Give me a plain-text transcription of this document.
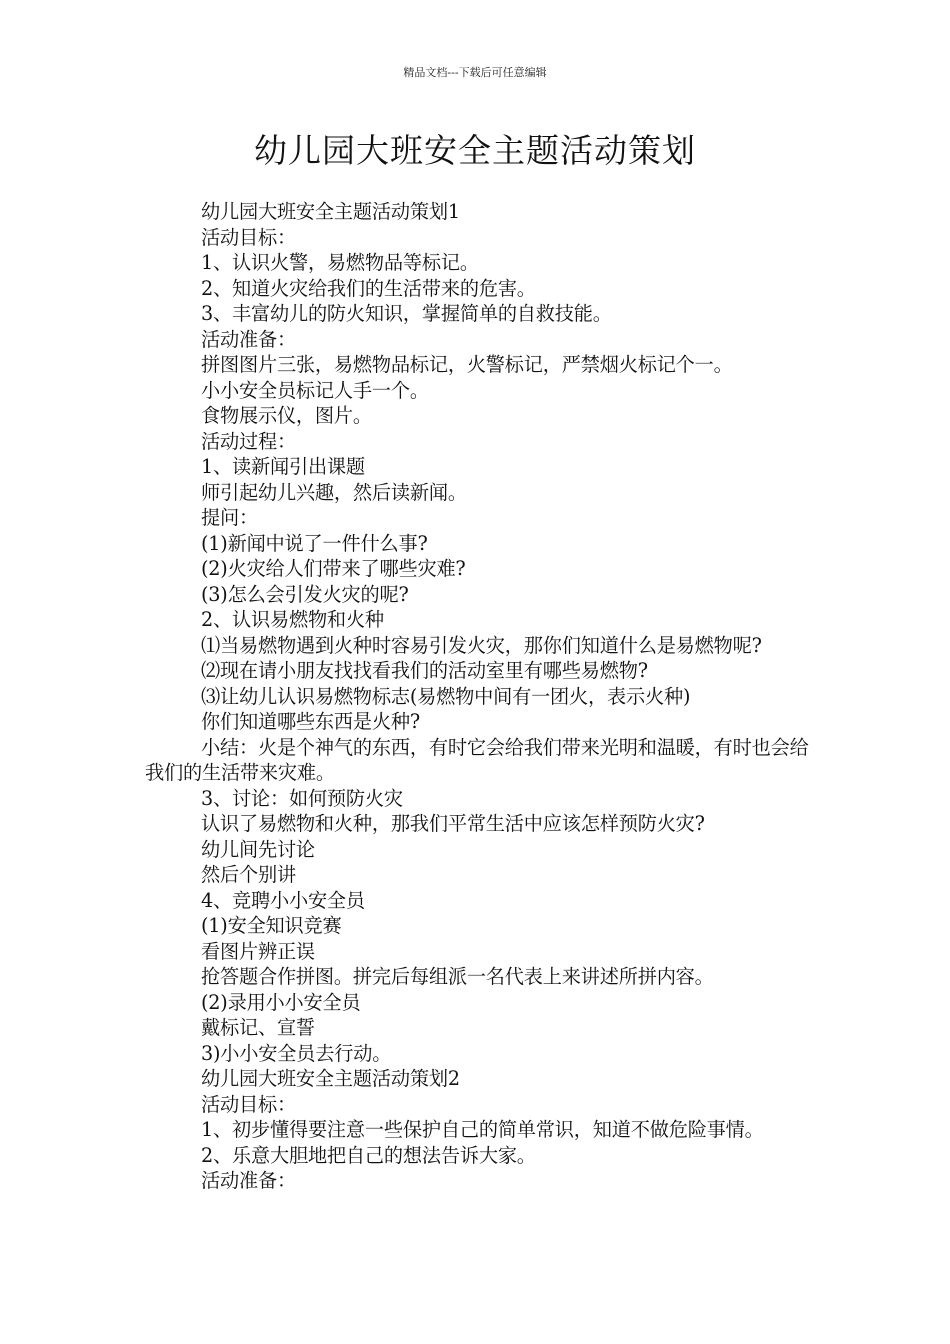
精品文档---下载后可任意编辑
幼儿园大班安全主题活动策划

幼儿园大班安全主题活动策划1

活动目标：

1、认识火警，易燃物品等标记。

2、知道火灾给我们的生活带来的危害。

3、丰富幼儿的防火知识，掌握简单的自救技能。

活动准备：

拼图图片三张，易燃物品标记，火警标记，严禁烟火标记个一。

小小安全员标记人手一个。

食物展示仪，图片。

活动过程：

1、读新闻引出课题

师引起幼儿兴趣，然后读新闻。

提问：

(1)新闻中说了一件什么事?

(2)火灾给人们带来了哪些灾难?

(3)怎么会引发火灾的呢?

2、认识易燃物和火种

⑴当易燃物遇到火种时容易引发火灾，那你们知道什么是易燃物呢?

⑵现在请小朋友找找看我们的活动室里有哪些易燃物?

⑶让幼儿认识易燃物标志(易燃物中间有一团火，表示火种)

你们知道哪些东西是火种?

小结：火是个神气的东西，有时它会给我们带来光明和温暖，有时也会给我们的生活带来灾难。

3、讨论：如何预防火灾

认识了易燃物和火种，那我们平常生活中应该怎样预防火灾?

幼儿间先讨论

然后个别讲

4、竞聘小小安全员

(1)安全知识竞赛

看图片辨正误

抢答题合作拼图。拼完后每组派一名代表上来讲述所拼内容。

(2)录用小小安全员

戴标记、宣誓

3)小小安全员去行动。

幼儿园大班安全主题活动策划2

活动目标：

1、初步懂得要注意一些保护自己的简单常识，知道不做危险事情。

2、乐意大胆地把自己的想法告诉大家。

活动准备：
